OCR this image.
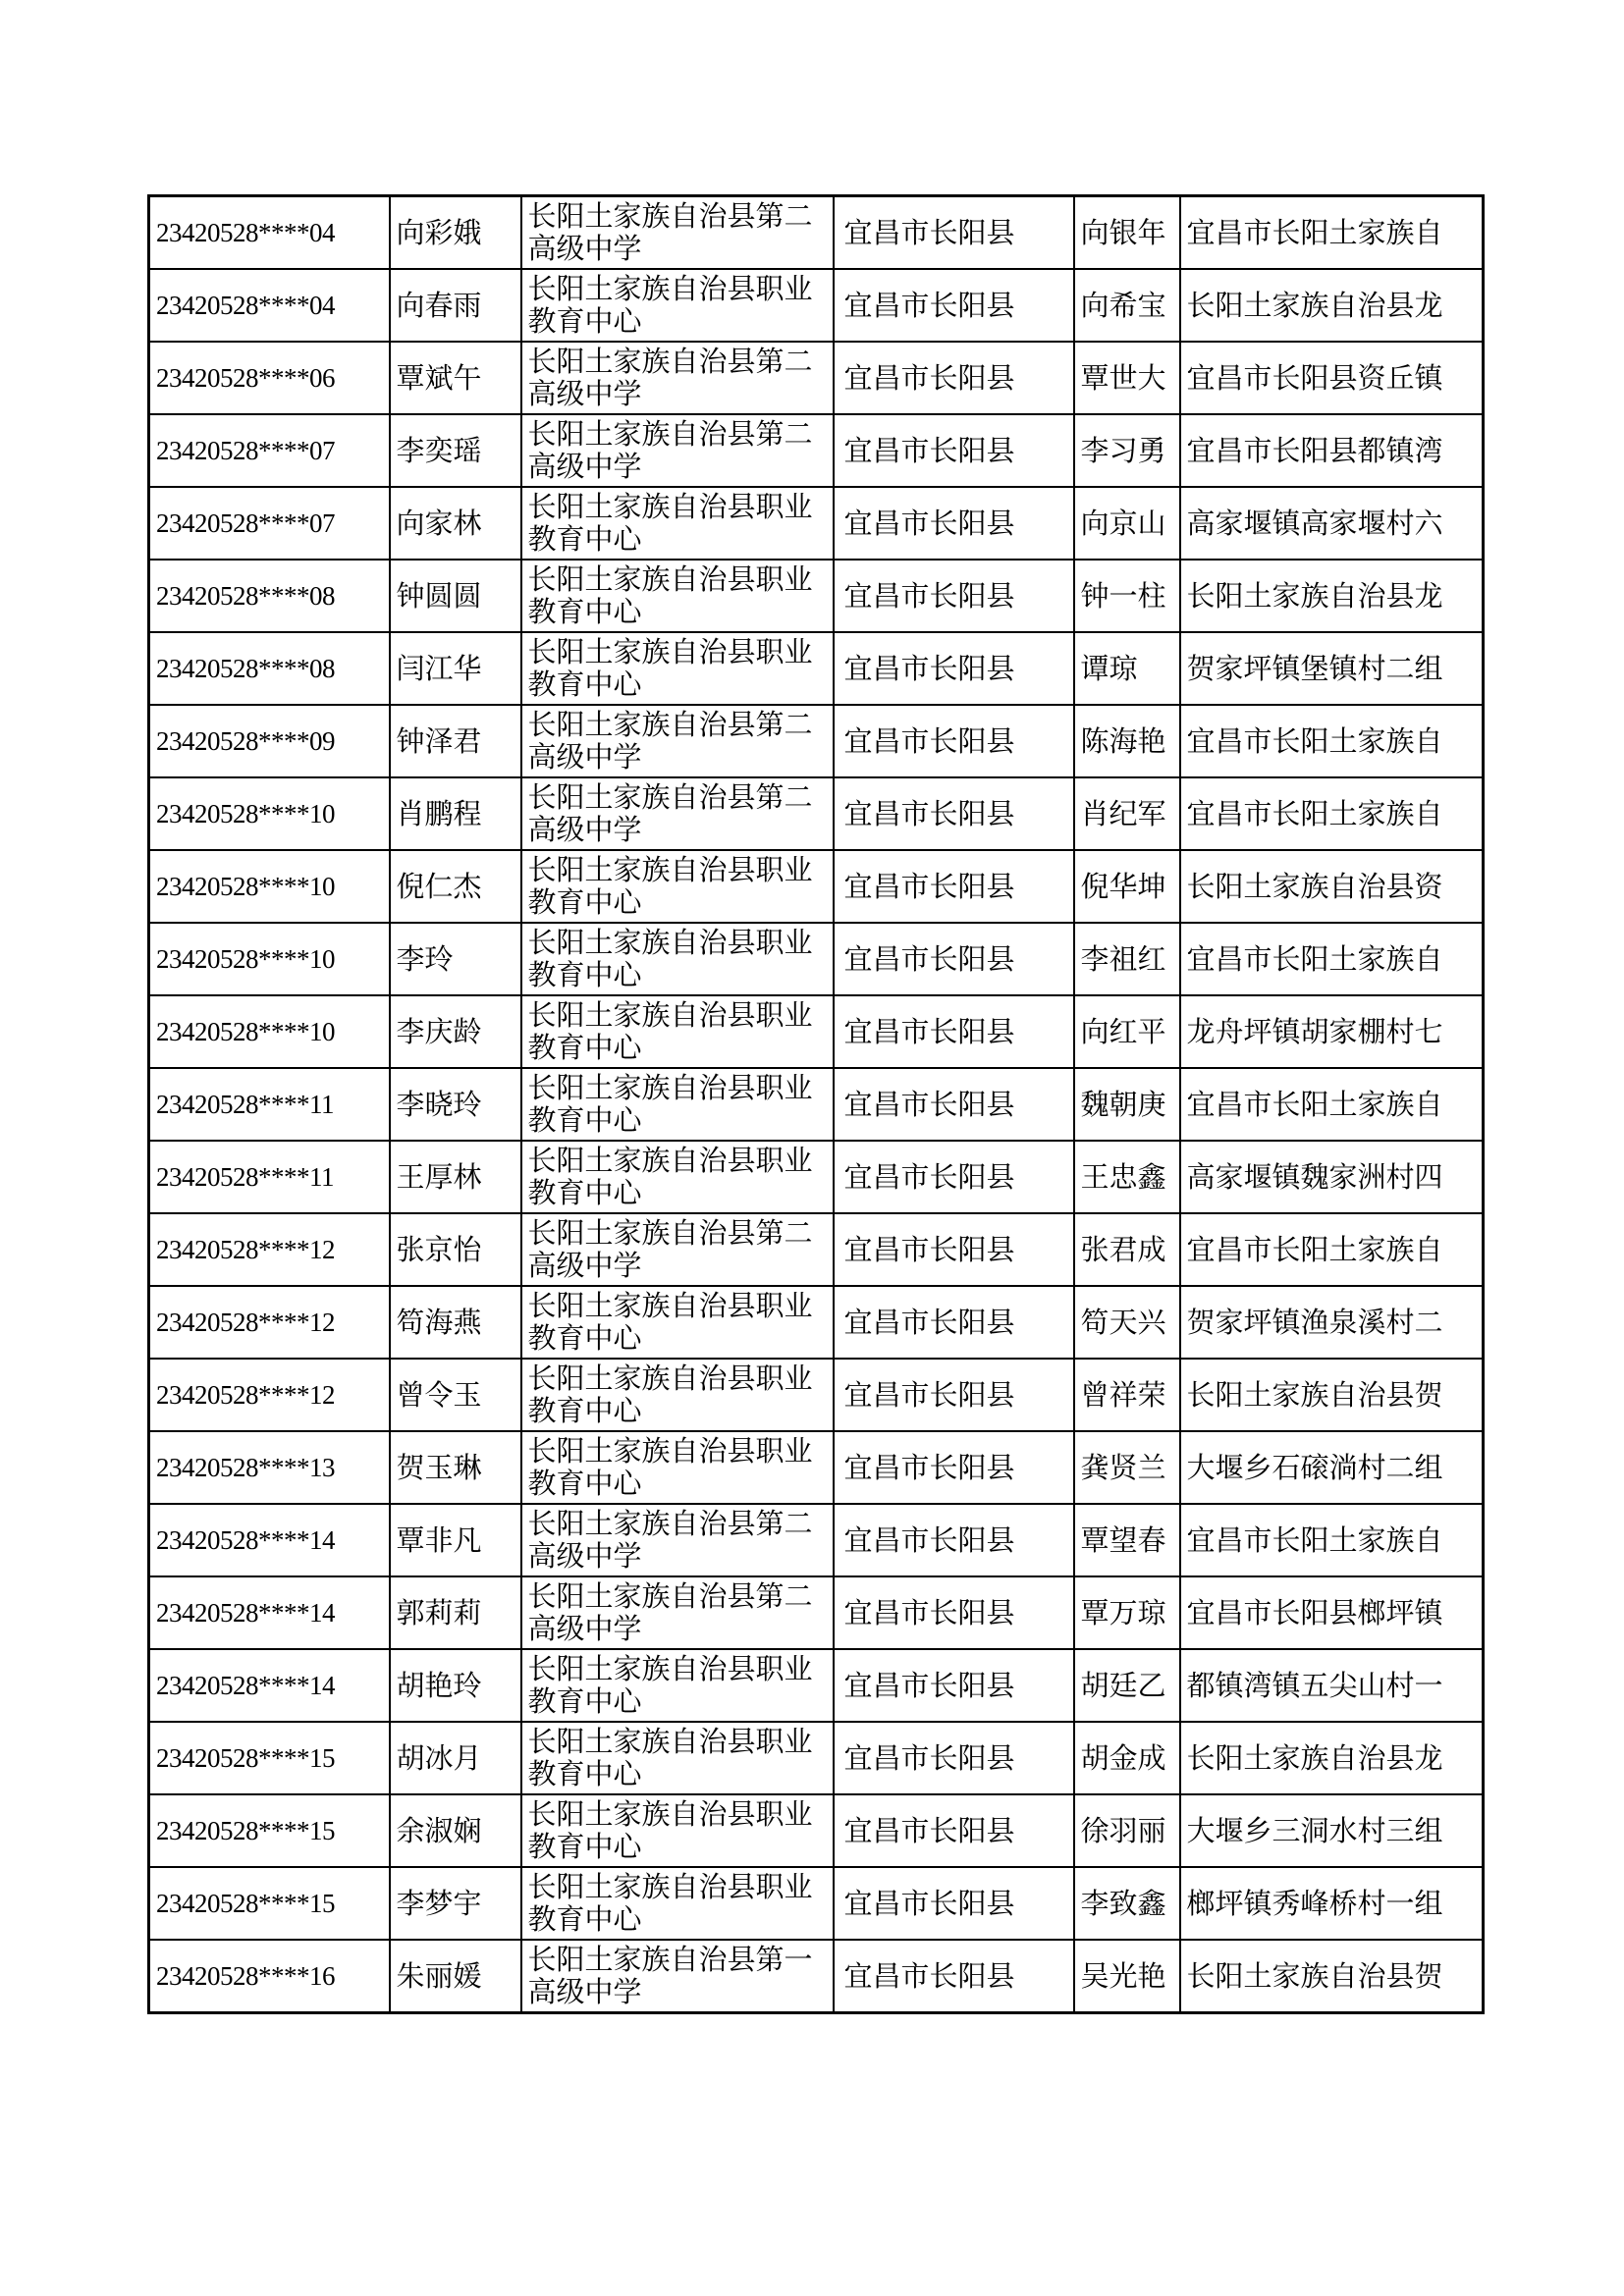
23420528****04	向彩娥	长阳土家族自治县第二高级中学	宜昌市长阳县	向银年	宜昌市长阳土家族自
23420528****04	向春雨	长阳土家族自治县职业教育中心	宜昌市长阳县	向希宝	长阳土家族自治县龙
23420528****06	覃斌午	长阳土家族自治县第二高级中学	宜昌市长阳县	覃世大	宜昌市长阳县资丘镇
23420528****07	李奕瑶	长阳土家族自治县第二高级中学	宜昌市长阳县	李习勇	宜昌市长阳县都镇湾
23420528****07	向家林	长阳土家族自治县职业教育中心	宜昌市长阳县	向京山	高家堰镇高家堰村六
23420528****08	钟圆圆	长阳土家族自治县职业教育中心	宜昌市长阳县	钟一柱	长阳土家族自治县龙
23420528****08	闫江华	长阳土家族自治县职业教育中心	宜昌市长阳县	谭琼	贺家坪镇堡镇村二组
23420528****09	钟泽君	长阳土家族自治县第二高级中学	宜昌市长阳县	陈海艳	宜昌市长阳土家族自
23420528****10	肖鹏程	长阳土家族自治县第二高级中学	宜昌市长阳县	肖纪军	宜昌市长阳土家族自
23420528****10	倪仁杰	长阳土家族自治县职业教育中心	宜昌市长阳县	倪华坤	长阳土家族自治县资
23420528****10	李玲	长阳土家族自治县职业教育中心	宜昌市长阳县	李祖红	宜昌市长阳土家族自
23420528****10	李庆龄	长阳土家族自治县职业教育中心	宜昌市长阳县	向红平	龙舟坪镇胡家棚村七
23420528****11	李晓玲	长阳土家族自治县职业教育中心	宜昌市长阳县	魏朝庚	宜昌市长阳土家族自
23420528****11	王厚林	长阳土家族自治县职业教育中心	宜昌市长阳县	王忠鑫	高家堰镇魏家洲村四
23420528****12	张京怡	长阳土家族自治县第二高级中学	宜昌市长阳县	张君成	宜昌市长阳土家族自
23420528****12	笱海燕	长阳土家族自治县职业教育中心	宜昌市长阳县	笱天兴	贺家坪镇渔泉溪村二
23420528****12	曾令玉	长阳土家族自治县职业教育中心	宜昌市长阳县	曾祥荣	长阳土家族自治县贺
23420528****13	贺玉琳	长阳土家族自治县职业教育中心	宜昌市长阳县	龚贤兰	大堰乡石磙淌村二组
23420528****14	覃非凡	长阳土家族自治县第二高级中学	宜昌市长阳县	覃望春	宜昌市长阳土家族自
23420528****14	郭莉莉	长阳土家族自治县第二高级中学	宜昌市长阳县	覃万琼	宜昌市长阳县榔坪镇
23420528****14	胡艳玲	长阳土家族自治县职业教育中心	宜昌市长阳县	胡廷乙	都镇湾镇五尖山村一
23420528****15	胡冰月	长阳土家族自治县职业教育中心	宜昌市长阳县	胡金成	长阳土家族自治县龙
23420528****15	余淑娴	长阳土家族自治县职业教育中心	宜昌市长阳县	徐羽丽	大堰乡三洞水村三组
23420528****15	李梦宇	长阳土家族自治县职业教育中心	宜昌市长阳县	李致鑫	榔坪镇秀峰桥村一组
23420528****16	朱丽媛	长阳土家族自治县第一高级中学	宜昌市长阳县	吴光艳	长阳土家族自治县贺
